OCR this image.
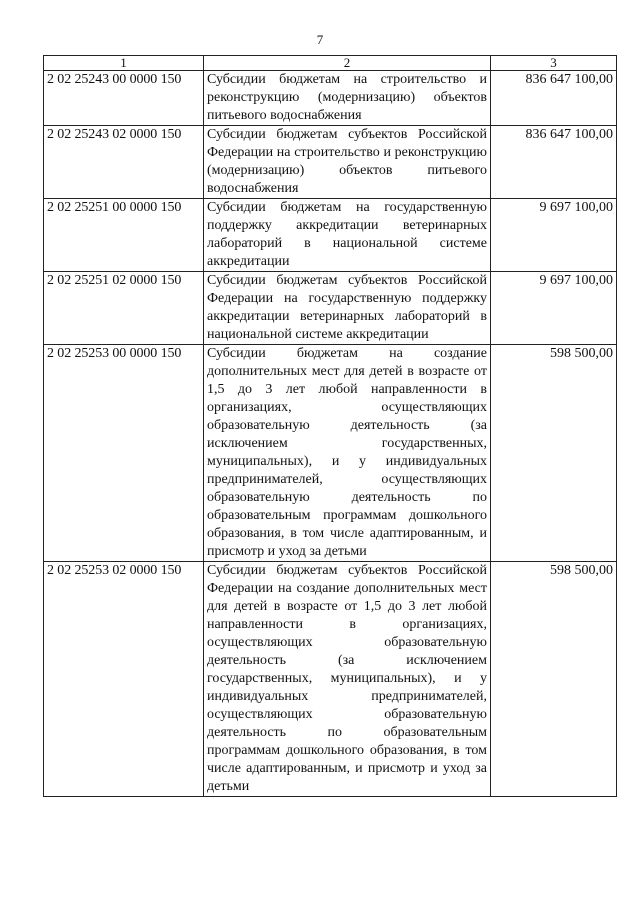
7
1	2	3
2 02 25243 00 0000 150	Субсидии бюджетам на строительство и реконструкцию (модернизацию) объектов питьевого водоснабжения	836 647 100,00
2 02 25243 02 0000 150	Субсидии бюджетам субъектов Российской Федерации на строительство и реконструкцию (модернизацию) объектов питьевого водоснабжения	836 647 100,00
2 02 25251 00 0000 150	Субсидии бюджетам на государственную поддержку аккредитации ветеринарных лабораторий в национальной системе аккредитации	9 697 100,00
2 02 25251 02 0000 150	Субсидии бюджетам субъектов Российской Федерации на государственную поддержку аккредитации ветеринарных лабораторий в национальной системе аккредитации	9 697 100,00
2 02 25253 00 0000 150	Субсидии бюджетам на создание дополнительных мест для детей в возрасте от 1,5 до 3 лет любой направленности в организациях, осуществляющих образовательную деятельность (за исключением государственных, муниципальных), и у индивидуальных предпринимателей, осуществляющих образовательную деятельность по образовательным программам дошкольного образования, в том числе адаптированным, и присмотр и уход за детьми	598 500,00
2 02 25253 02 0000 150	Субсидии бюджетам субъектов Российской Федерации на создание дополнительных мест для детей в возрасте от 1,5 до 3 лет любой направленности в организациях, осуществляющих образовательную деятельность (за исключением государственных, муниципальных), и у индивидуальных предпринимателей, осуществляющих образовательную деятельность по образовательным программам дошкольного образования, в том числе адаптированным, и присмотр и уход за детьми	598 500,00
